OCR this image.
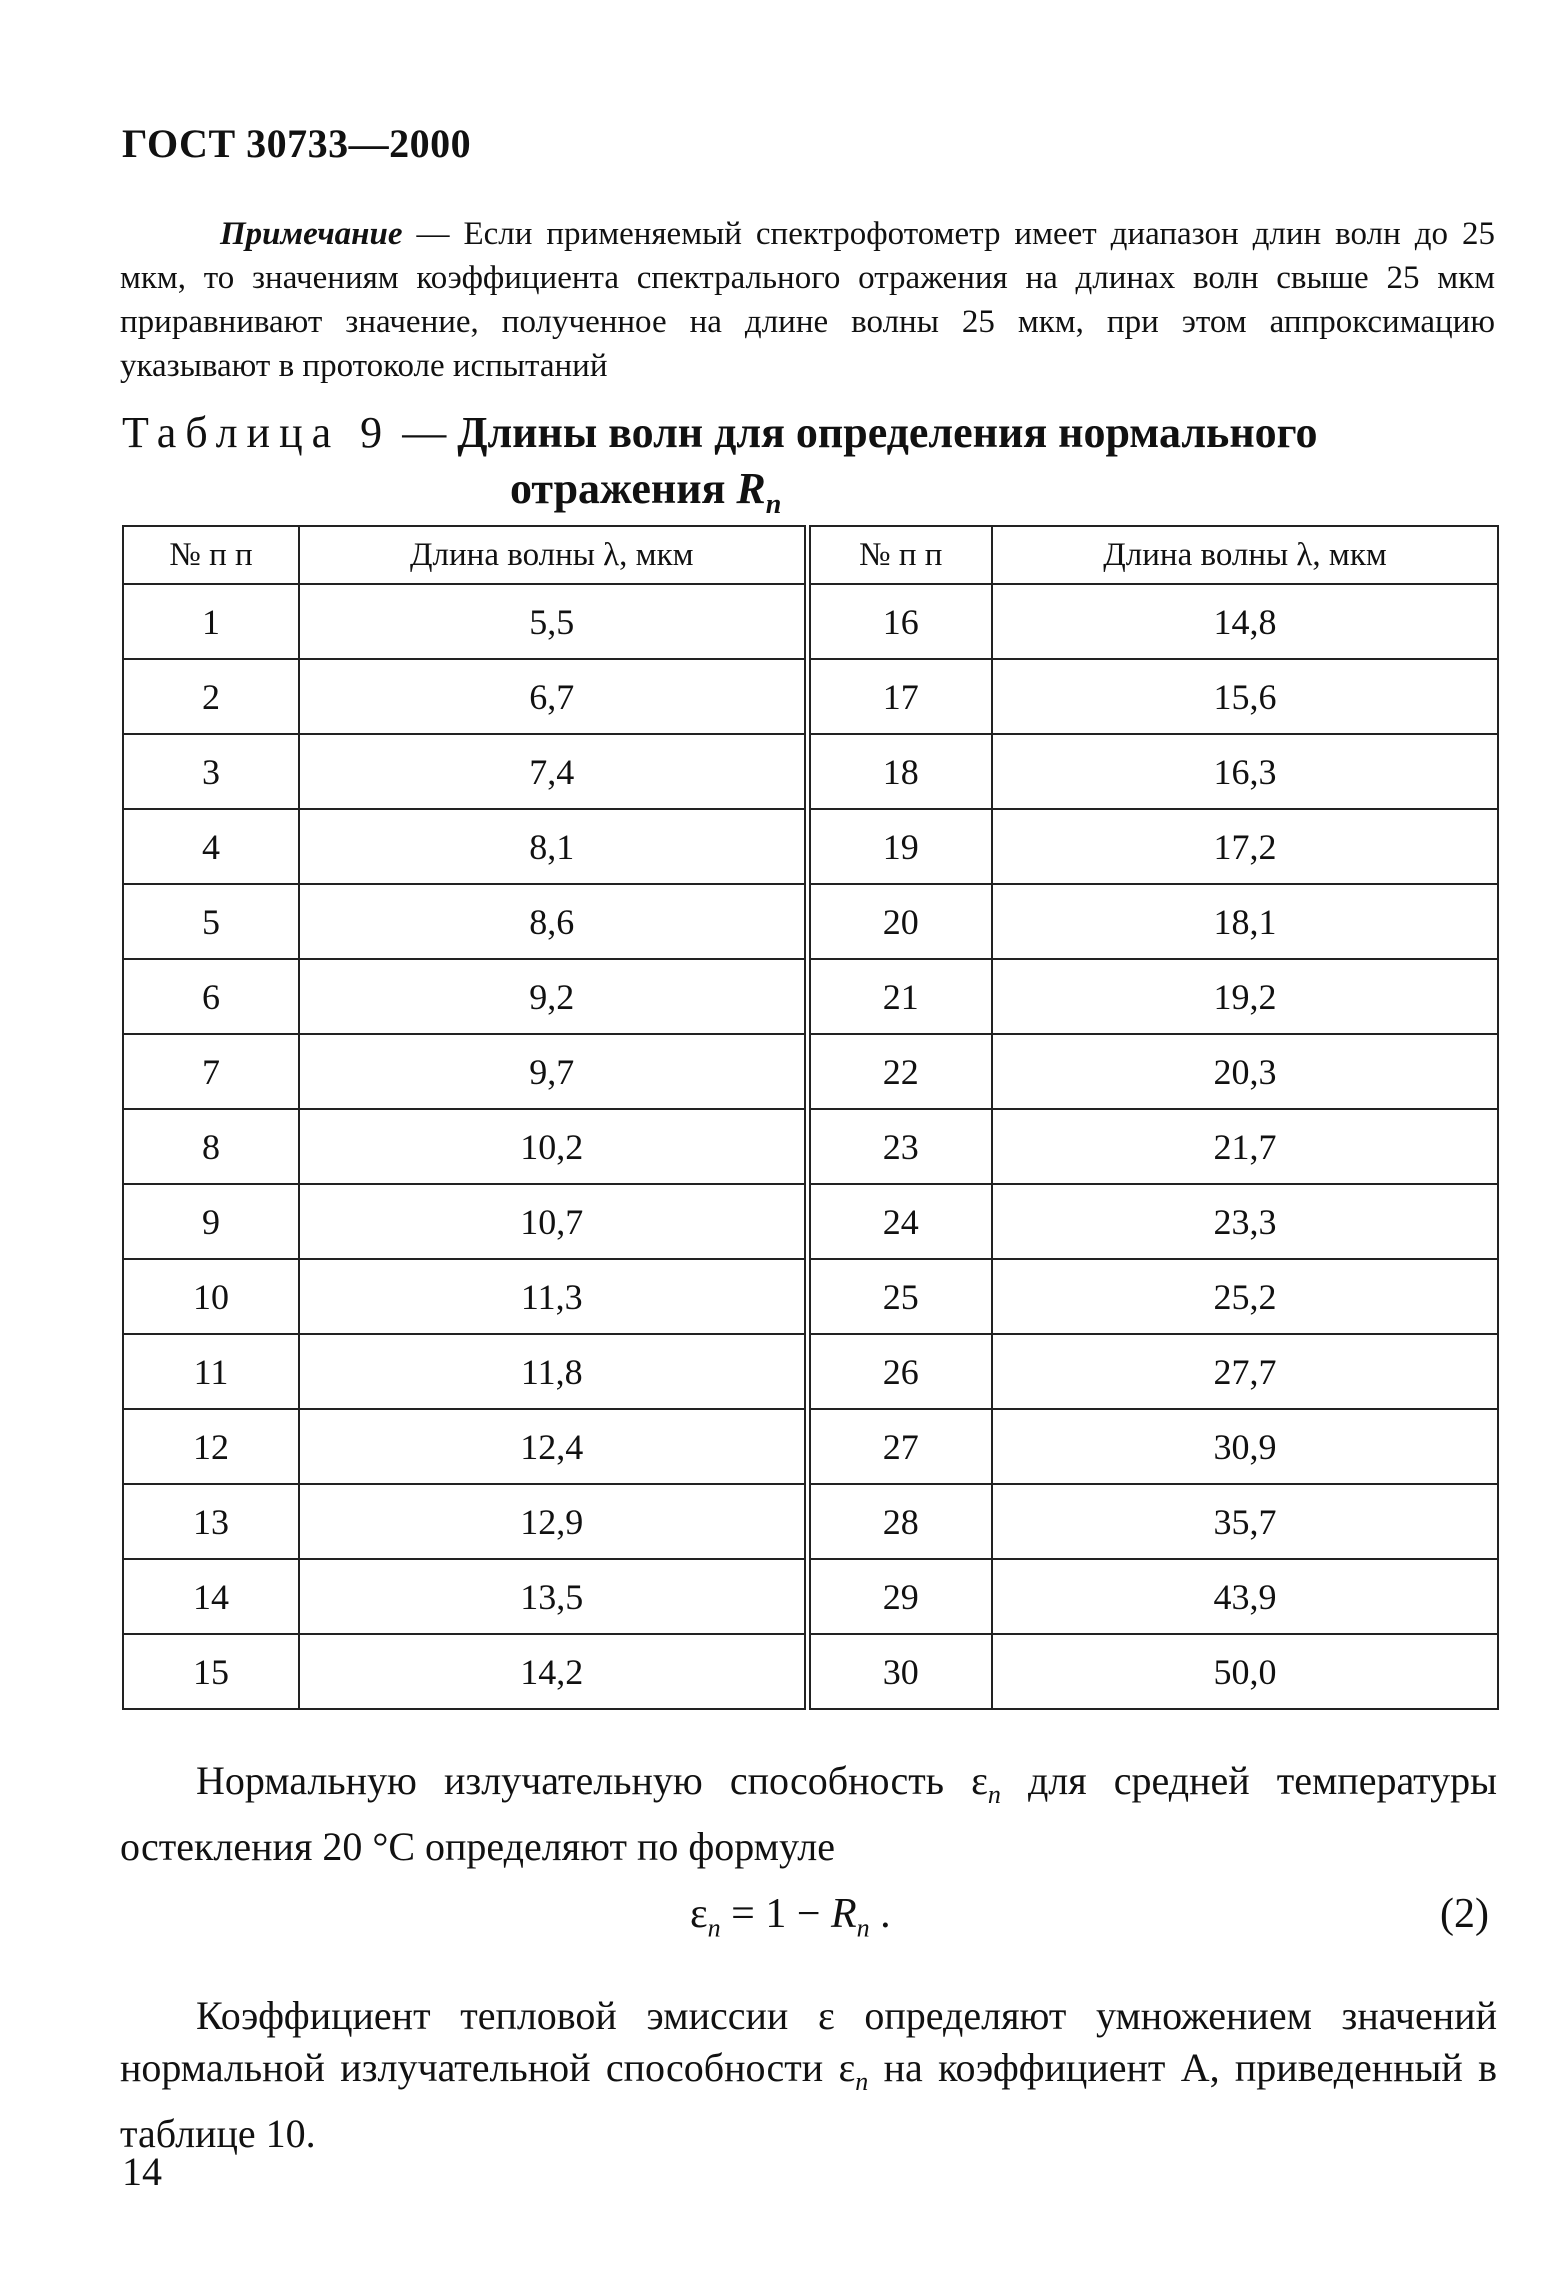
ГОСТ 30733—2000
Примечание — Если применяемый спектрофотометр имеет диапазон длин волн до 25 мкм, то значениям коэффициента спектрального отражения на длинах волн свыше 25 мкм приравнивают значение, полученное на длине волны 25 мкм, при этом аппроксимацию указывают в протоколе испытаний
Таблица 9 — Длины волн для определения нормального
отражения $R_n$
№ п п	Длина волны λ, мкм	№ п п	Длина волны λ, мкм
1	5,5	16	14,8
2	6,7	17	15,6
3	7,4	18	16,3
4	8,1	19	17,2
5	8,6	20	18,1
6	9,2	21	19,2
7	9,7	22	20,3
8	10,2	23	21,7
9	10,7	24	23,3
10	11,3	25	25,2
11	11,8	26	27,7
12	12,4	27	30,9
13	12,9	28	35,7
14	13,5	29	43,9
15	14,2	30	50,0
Нормальную излучательную способность $\varepsilon_n$ для средней температуры остекления 20 °С определяют по формуле
$\varepsilon_n = 1 - R_n$ .	(2)
Коэффициент тепловой эмиссии ε определяют умножением значений нормальной излучательной способности $\varepsilon_n$ на коэффициент А, приведенный в таблице 10.
14
